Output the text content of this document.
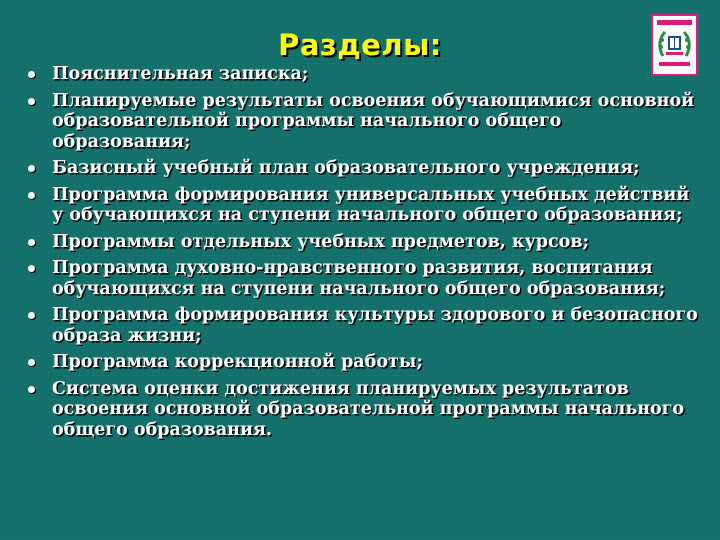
Разделы:
Пояснительная записка;
Планируемые результаты освоения обучающимися основной образовательной программы начального общего образования;
Базисный учебный план образовательного учреждения;
Программа формирования универсальных учебных действий у обучающихся на ступени начального общего образования;
Программы отдельных учебных предметов, курсов;
Программа духовно-нравственного развития, воспитания обучающихся на ступени начального общего образования;
Программа формирования культуры здорового и безопасного образа жизни;
Программа коррекционной работы;
Система оценки достижения планируемых результатов освоения основной образовательной программы начального общего образования.
